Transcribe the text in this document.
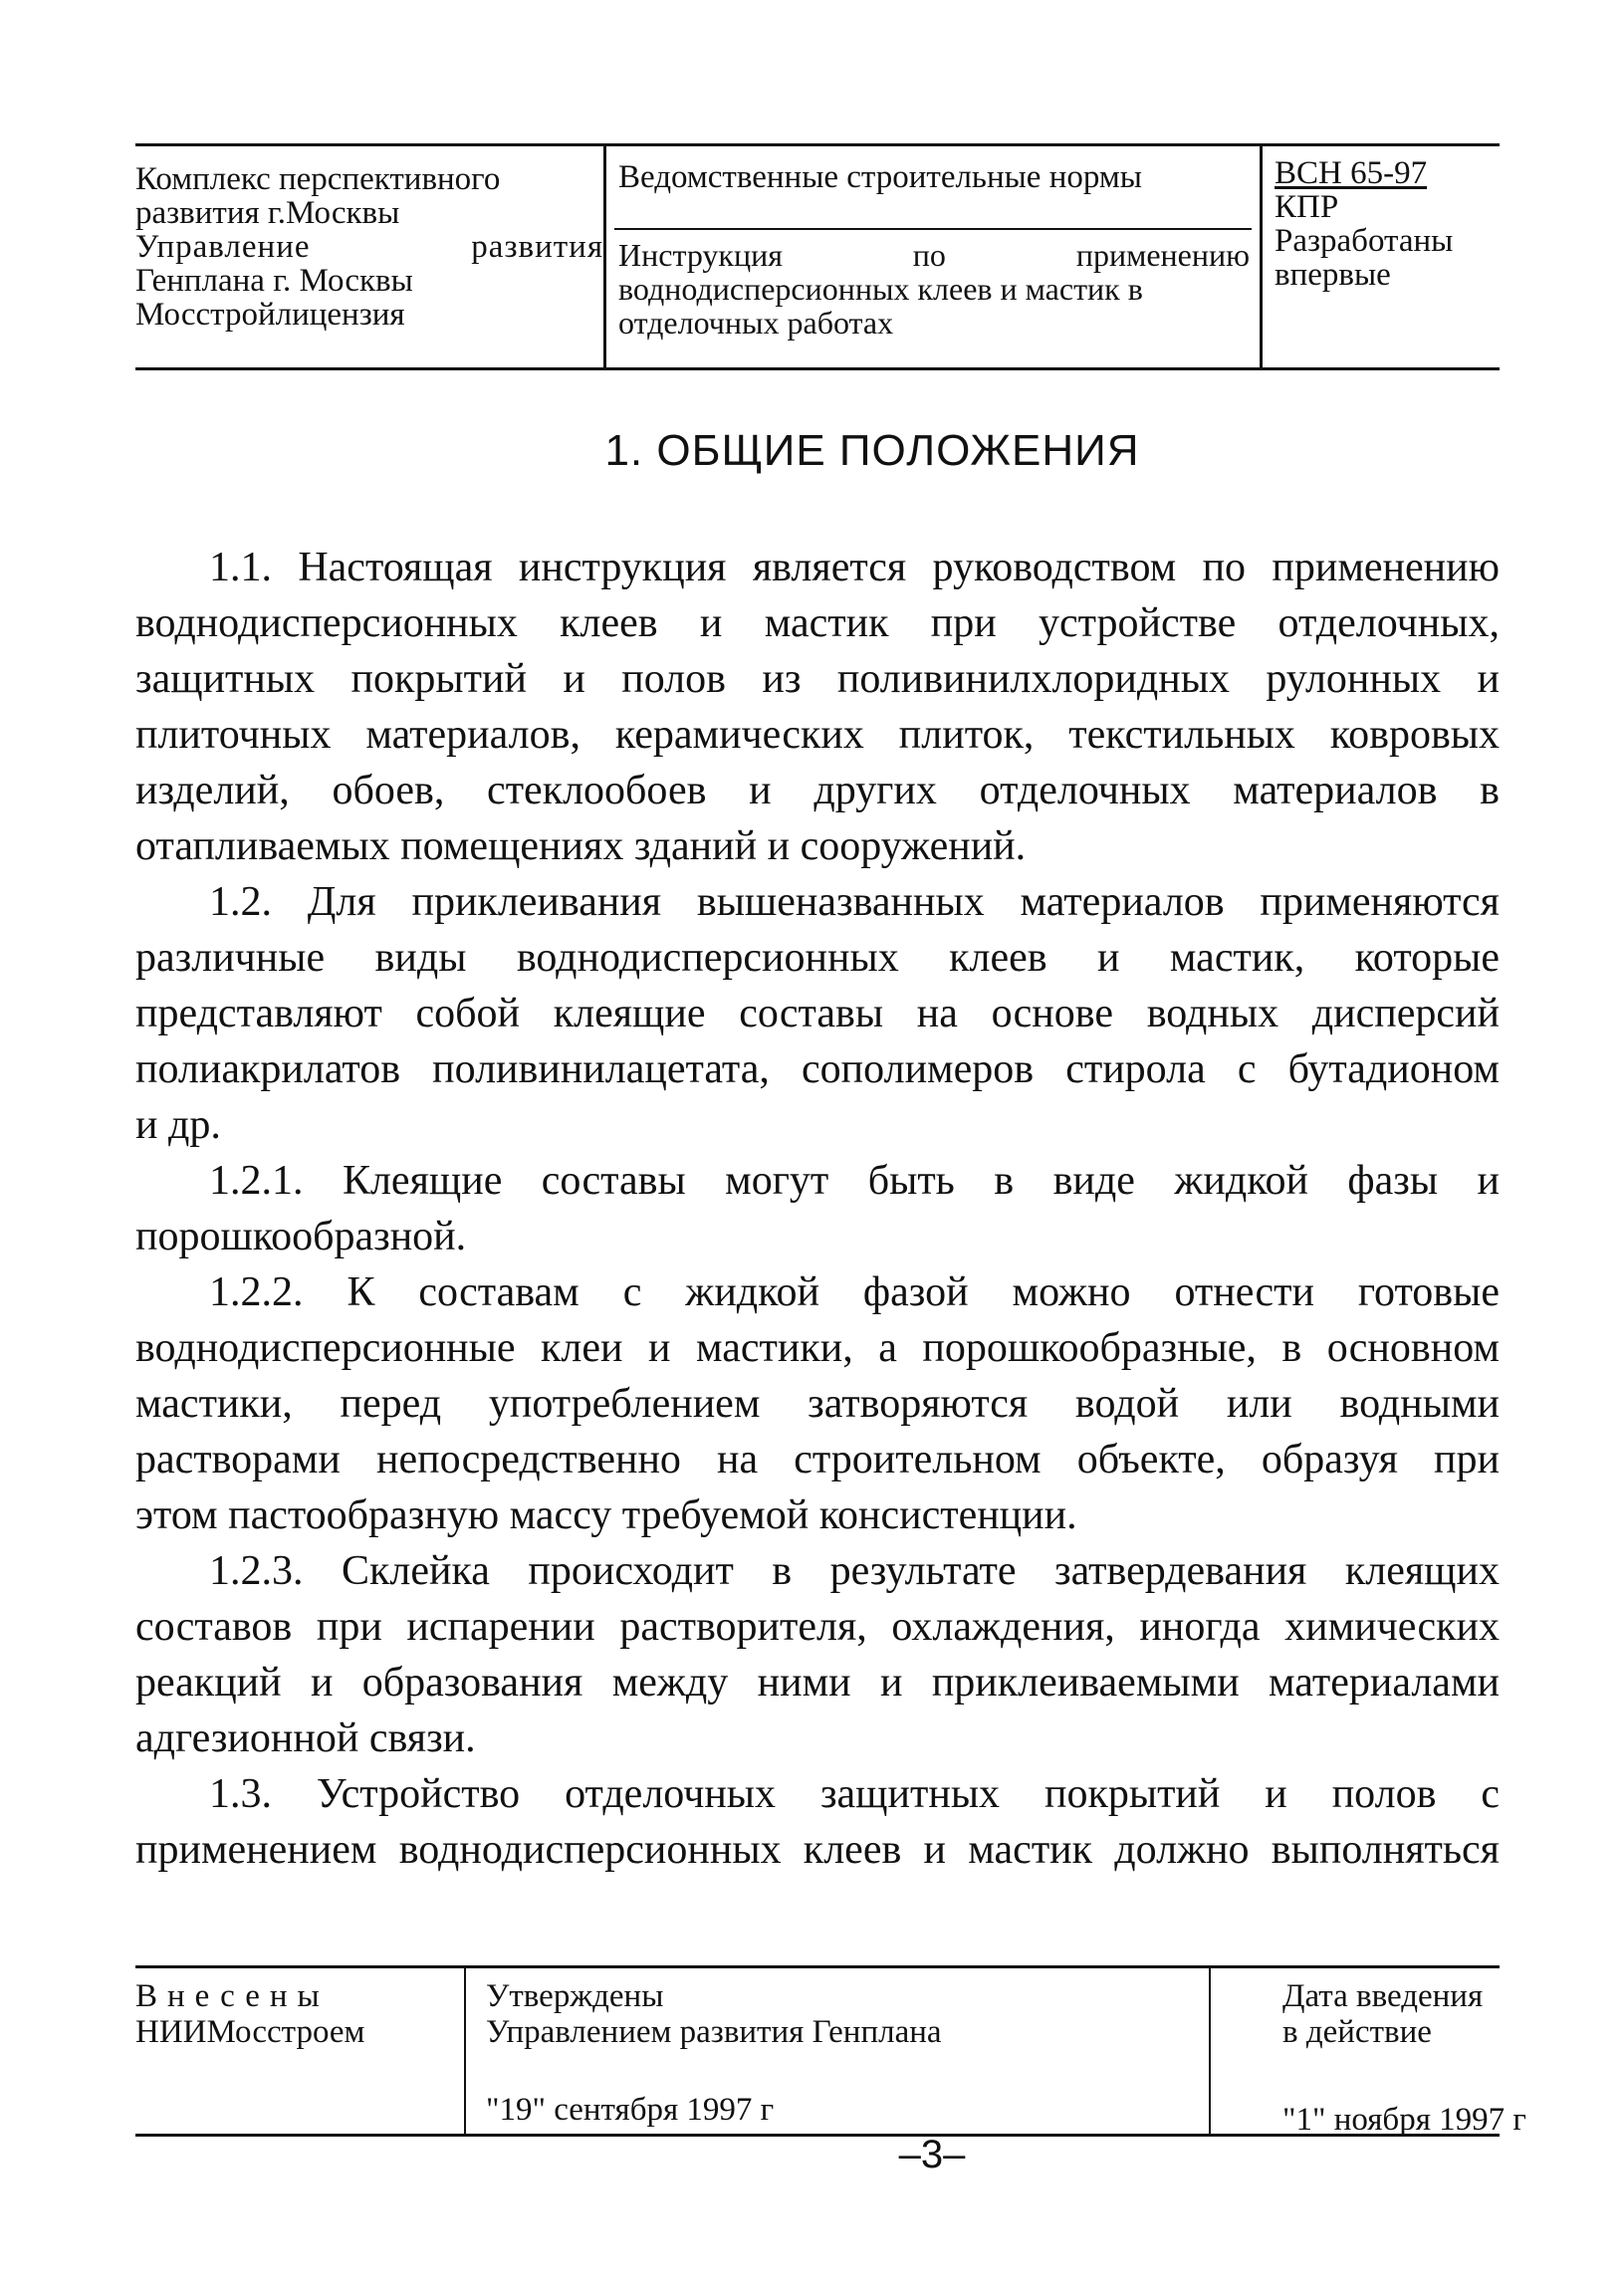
Комплекс перспективного
развития г.Москвы
Управление развития
Генплана г. Москвы
Мосстройлицензия
Ведомственные строительные нормы
Инструкция по применению
воднодисперсионных клеев и мастик в
отделочных работах
ВСН 65-97
КПР
Разработаны
впервые
1. ОБЩИЕ ПОЛОЖЕНИЯ
1.1. Настоящая инструкция является руководством по применению
воднодисперсионных клеев и мастик при устройстве отделочных,
защитных покрытий и полов из поливинилхлоридных рулонных и
плиточных материалов, керамических плиток, текстильных ковровых
изделий, обоев, стеклообоев и других отделочных материалов в
отапливаемых помещениях зданий и сооружений.
1.2. Для приклеивания вышеназванных материалов применяются
различные виды воднодисперсионных клеев и мастик, которые
представляют собой клеящие составы на основе водных дисперсий
полиакрилатов поливинилацетата, сополимеров стирола с бутадионом
и др.
1.2.1. Клеящие составы могут быть в виде жидкой фазы и
порошкообразной.
1.2.2. К составам с жидкой фазой можно отнести готовые
воднодисперсионные клеи и мастики, а порошкообразные, в основном
мастики, перед употреблением затворяются водой или водными
растворами непосредственно на строительном объекте, образуя при
этом пастообразную массу требуемой консистенции.
1.2.3. Склейка происходит в результате затвердевания клеящих
составов при испарении растворителя, охлаждения, иногда химических
реакций и образования между ними и приклеиваемыми материалами
адгезионной связи.
1.3. Устройство отделочных защитных покрытий и полов с
применением воднодисперсионных клеев и мастик должно выполняться
Внесены
НИИМосстроем
Утверждены
Управлением развития Генплана
"19" сентября 1997 г
Дата введения
в действие
"1" ноября 1997 г
–3–
